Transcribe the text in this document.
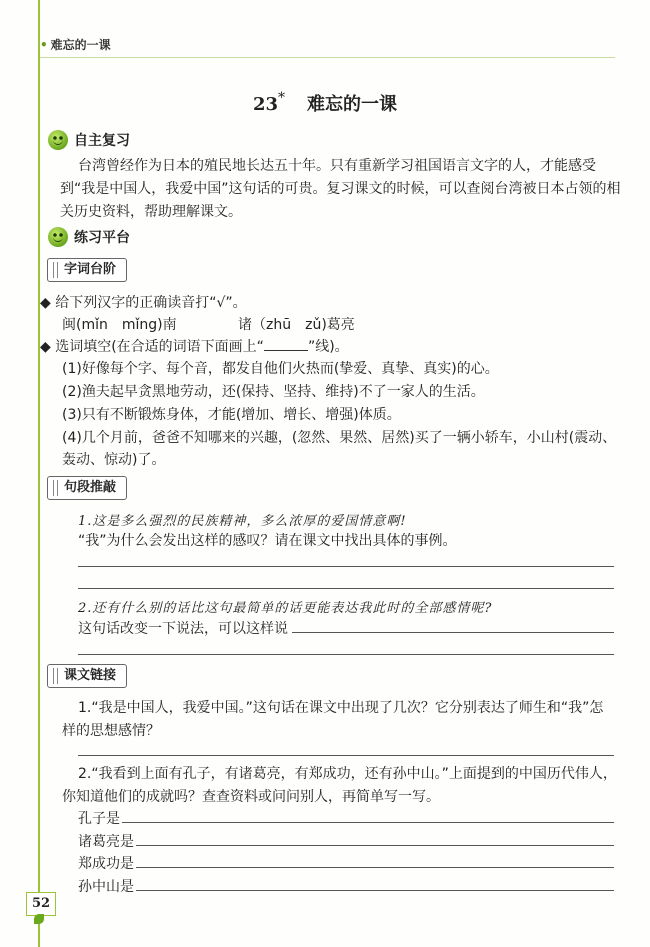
• 难忘的一课
23* 难忘的一课
自主复习
台湾曾经作为日本的殖民地长达五十年。只有重新学习祖国语言文字的人，才能感受
到“我是中国人，我爱中国”这句话的可贵。复习课文的时候，可以查阅台湾被日本占领的相
关历史资料，帮助理解课文。
练习平台
字词台阶
◆ 给下列汉字的正确读音打“√”。
闽(mǐn　mǐng)南	诸（zhū　zǔ)葛亮
◆ 选词填空(在合适的词语下面画上“	”线)。
(1)好像每个字、每个音，都发自他们火热而(挚爱、真挚、真实)的心。
(2)渔夫起早贪黑地劳动，还(保持、坚持、维持)不了一家人的生活。
(3)只有不断锻炼身体，才能(增加、增长、增强)体质。
(4)几个月前，爸爸不知哪来的兴趣，(忽然、果然、居然)买了一辆小轿车，小山村(震动、
轰动、惊动)了。
句段推敲
1.这是多么强烈的民族精神，多么浓厚的爱国情意啊!
“我”为什么会发出这样的感叹？请在课文中找出具体的事例。
2.还有什么别的话比这句最简单的话更能表达我此时的全部感情呢?
这句话改变一下说法，可以这样说
课文链接
1.“我是中国人，我爱中国。”这句话在课文中出现了几次？它分别表达了师生和“我”怎
样的思想感情？
2.“我看到上面有孔子，有诸葛亮，有郑成功，还有孙中山。”上面提到的中国历代伟人，
你知道他们的成就吗？查查资料或问问别人，再简单写一写。
孔子是
诸葛亮是
郑成功是
孙中山是
52
